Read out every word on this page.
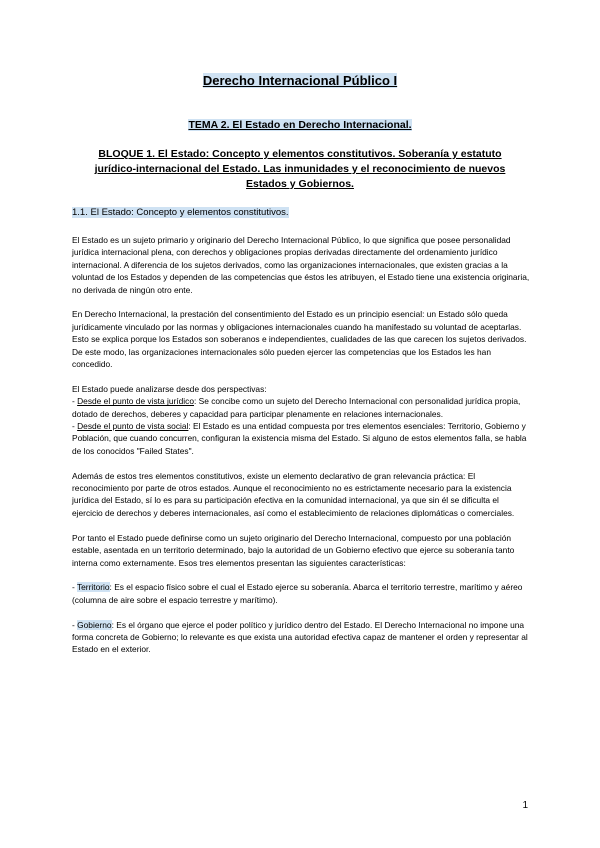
Derecho Internacional Público I
TEMA 2. El Estado en Derecho Internacional.
BLOQUE 1. El Estado: Concepto y elementos constitutivos. Soberanía y estatuto jurídico-internacional del Estado. Las inmunidades y el reconocimiento de nuevos Estados y Gobiernos.
1.1. El Estado: Concepto y elementos constitutivos.

El Estado es un sujeto primario y originario del Derecho Internacional Público, lo que significa que posee personalidad jurídica internacional plena, con derechos y obligaciones propias derivadas directamente del ordenamiento jurídico internacional. A diferencia de los sujetos derivados, como las organizaciones internacionales, que existen gracias a la voluntad de los Estados y dependen de las competencias que éstos les atribuyen, el Estado tiene una existencia originaria, no derivada de ningún otro ente.

En Derecho Internacional, la prestación del consentimiento del Estado es un principio esencial: un Estado sólo queda jurídicamente vinculado por las normas y obligaciones internacionales cuando ha manifestado su voluntad de aceptarlas. Esto se explica porque los Estados son soberanos e independientes, cualidades de las que carecen los sujetos derivados. De este modo, las organizaciones internacionales sólo pueden ejercer las competencias que los Estados les han concedido.

El Estado puede analizarse desde dos perspectivas:
- Desde el punto de vista jurídico: Se concibe como un sujeto del Derecho Internacional con personalidad jurídica propia, dotado de derechos, deberes y capacidad para participar plenamente en relaciones internacionales.
- Desde el punto de vista social: El Estado es una entidad compuesta por tres elementos esenciales: Territorio, Gobierno y Población, que cuando concurren, configuran la existencia misma del Estado. Si alguno de estos elementos falla, se habla de los conocidos "Failed States".

Además de estos tres elementos constitutivos, existe un elemento declarativo de gran relevancia práctica: El reconocimiento por parte de otros estados. Aunque el reconocimiento no es estrictamente necesario para la existencia jurídica del Estado, sí lo es para su participación efectiva en la comunidad internacional, ya que sin él se dificulta el ejercicio de derechos y deberes internacionales, así como el establecimiento de relaciones diplomáticas o comerciales.

Por tanto el Estado puede definirse como un sujeto originario del Derecho Internacional, compuesto por una población estable, asentada en un territorio determinado, bajo la autoridad de un Gobierno efectivo que ejerce su soberanía tanto interna como externamente. Esos tres elementos presentan las siguientes características:

- Territorio: Es el espacio físico sobre el cual el Estado ejerce su soberanía. Abarca el territorio terrestre, marítimo y aéreo (columna de aire sobre el espacio terrestre y marítimo).

- Gobierno: Es el órgano que ejerce el poder político y jurídico dentro del Estado. El Derecho Internacional no impone una forma concreta de Gobierno; lo relevante es que exista una autoridad efectiva capaz de mantener el orden y representar al Estado en el exterior.

1
